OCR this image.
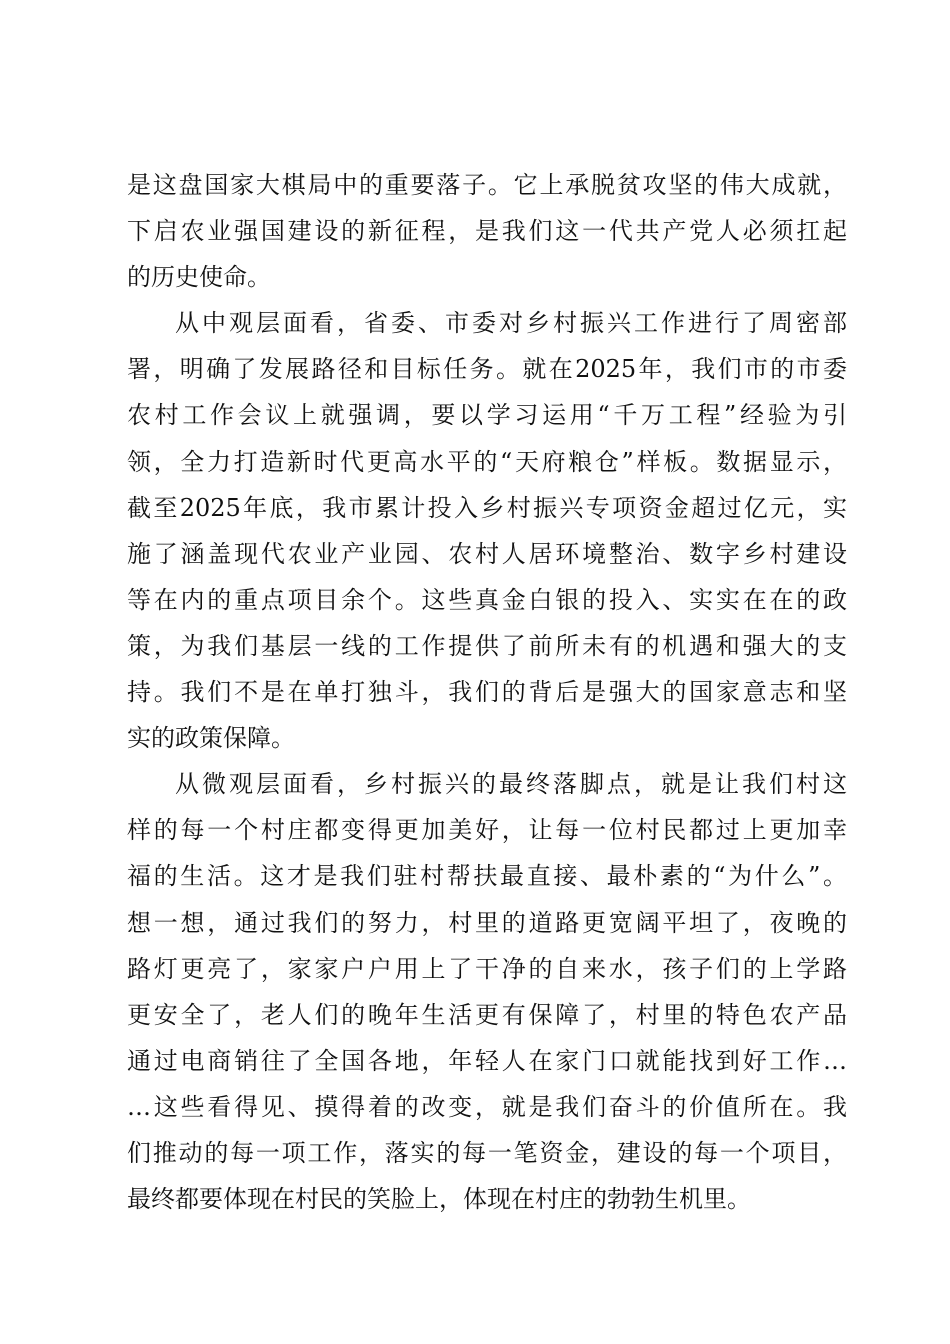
是这盘国家大棋局中的重要落子。它上承脱贫攻坚的伟大成就，
下启农业强国建设的新征程，是我们这一代共产党人必须扛起
的历史使命。
从中观层面看，省委、市委对乡村振兴工作进行了周密部
署，明确了发展路径和目标任务。就在2025年，我们市的市委
农村工作会议上就强调，要以学习运用“千万工程”经验为引
领，全力打造新时代更高水平的“天府粮仓”样板。数据显示，
截至2025年底，我市累计投入乡村振兴专项资金超过亿元，实
施了涵盖现代农业产业园、农村人居环境整治、数字乡村建设
等在内的重点项目余个。这些真金白银的投入、实实在在的政
策，为我们基层一线的工作提供了前所未有的机遇和强大的支
持。我们不是在单打独斗，我们的背后是强大的国家意志和坚
实的政策保障。
从微观层面看，乡村振兴的最终落脚点，就是让我们村这
样的每一个村庄都变得更加美好，让每一位村民都过上更加幸
福的生活。这才是我们驻村帮扶最直接、最朴素的“为什么”。
想一想，通过我们的努力，村里的道路更宽阔平坦了，夜晚的
路灯更亮了，家家户户用上了干净的自来水，孩子们的上学路
更安全了，老人们的晚年生活更有保障了，村里的特色农产品
通过电商销往了全国各地，年轻人在家门口就能找到好工作…
…这些看得见、摸得着的改变，就是我们奋斗的价值所在。我
们推动的每一项工作，落实的每一笔资金，建设的每一个项目，
最终都要体现在村民的笑脸上，体现在村庄的勃勃生机里。
